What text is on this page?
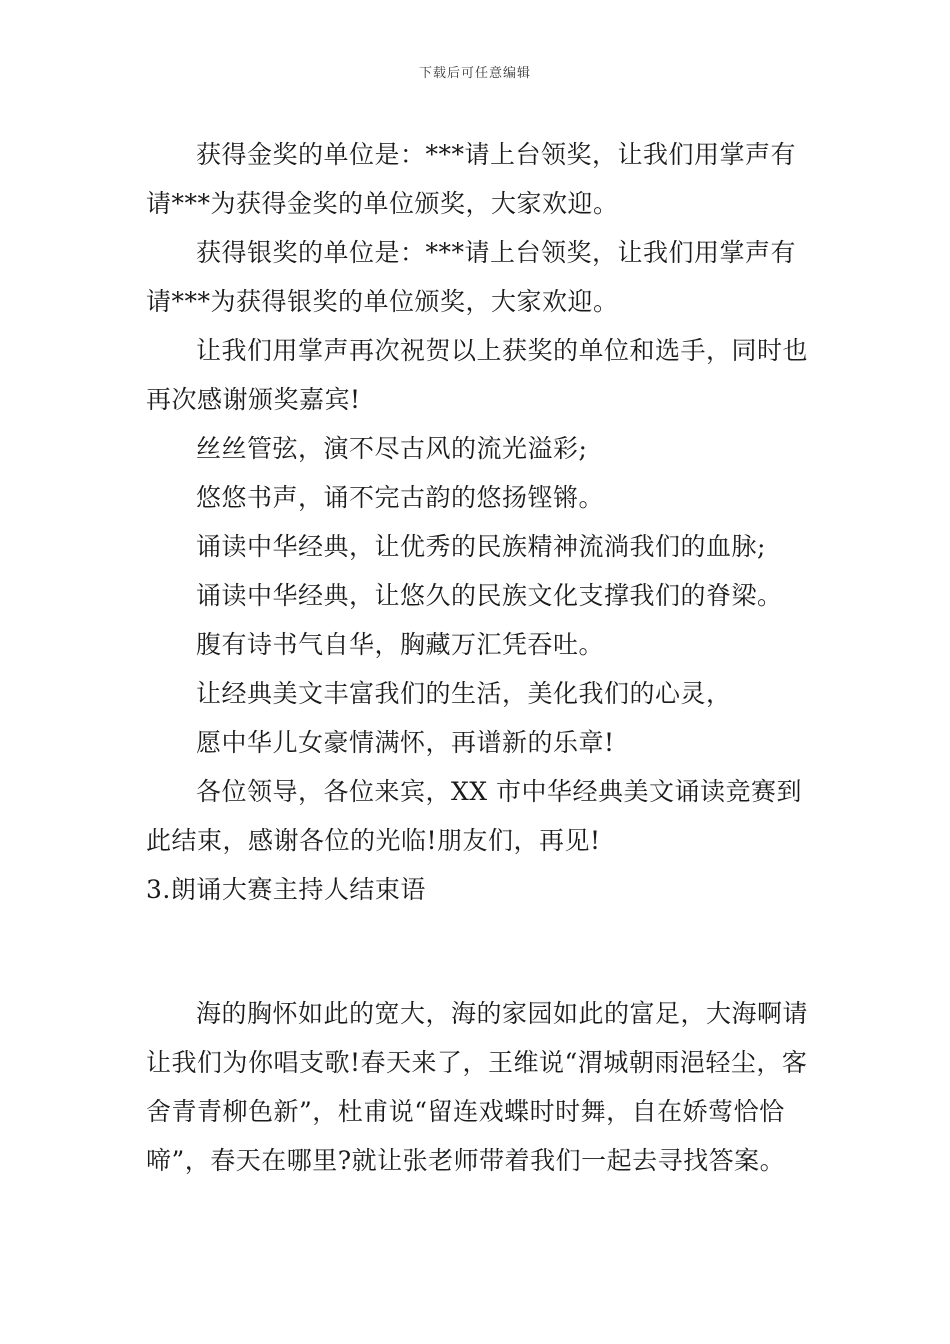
下载后可任意编辑

获得金奖的单位是：***请上台领奖，让我们用掌声有请***为获得金奖的单位颁奖，大家欢迎。

获得银奖的单位是：***请上台领奖，让我们用掌声有请***为获得银奖的单位颁奖，大家欢迎。

让我们用掌声再次祝贺以上获奖的单位和选手，同时也再次感谢颁奖嘉宾!

丝丝管弦，演不尽古风的流光溢彩;

悠悠书声，诵不完古韵的悠扬铿锵。

诵读中华经典，让优秀的民族精神流淌我们的血脉;

诵读中华经典，让悠久的民族文化支撑我们的脊梁。

腹有诗书气自华，胸藏万汇凭吞吐。

让经典美文丰富我们的生活，美化我们的心灵，

愿中华儿女豪情满怀，再谱新的乐章!

各位领导，各位来宾，XX 市中华经典美文诵读竞赛到此结束，感谢各位的光临!朋友们，再见!

3.朗诵大赛主持人结束语

海的胸怀如此的宽大，海的家园如此的富足，大海啊请让我们为你唱支歌!春天来了，王维说“渭城朝雨浥轻尘，客舍青青柳色新”，杜甫说“留连戏蝶时时舞，自在娇莺恰恰啼”，春天在哪里?就让张老师带着我们一起去寻找答案。
